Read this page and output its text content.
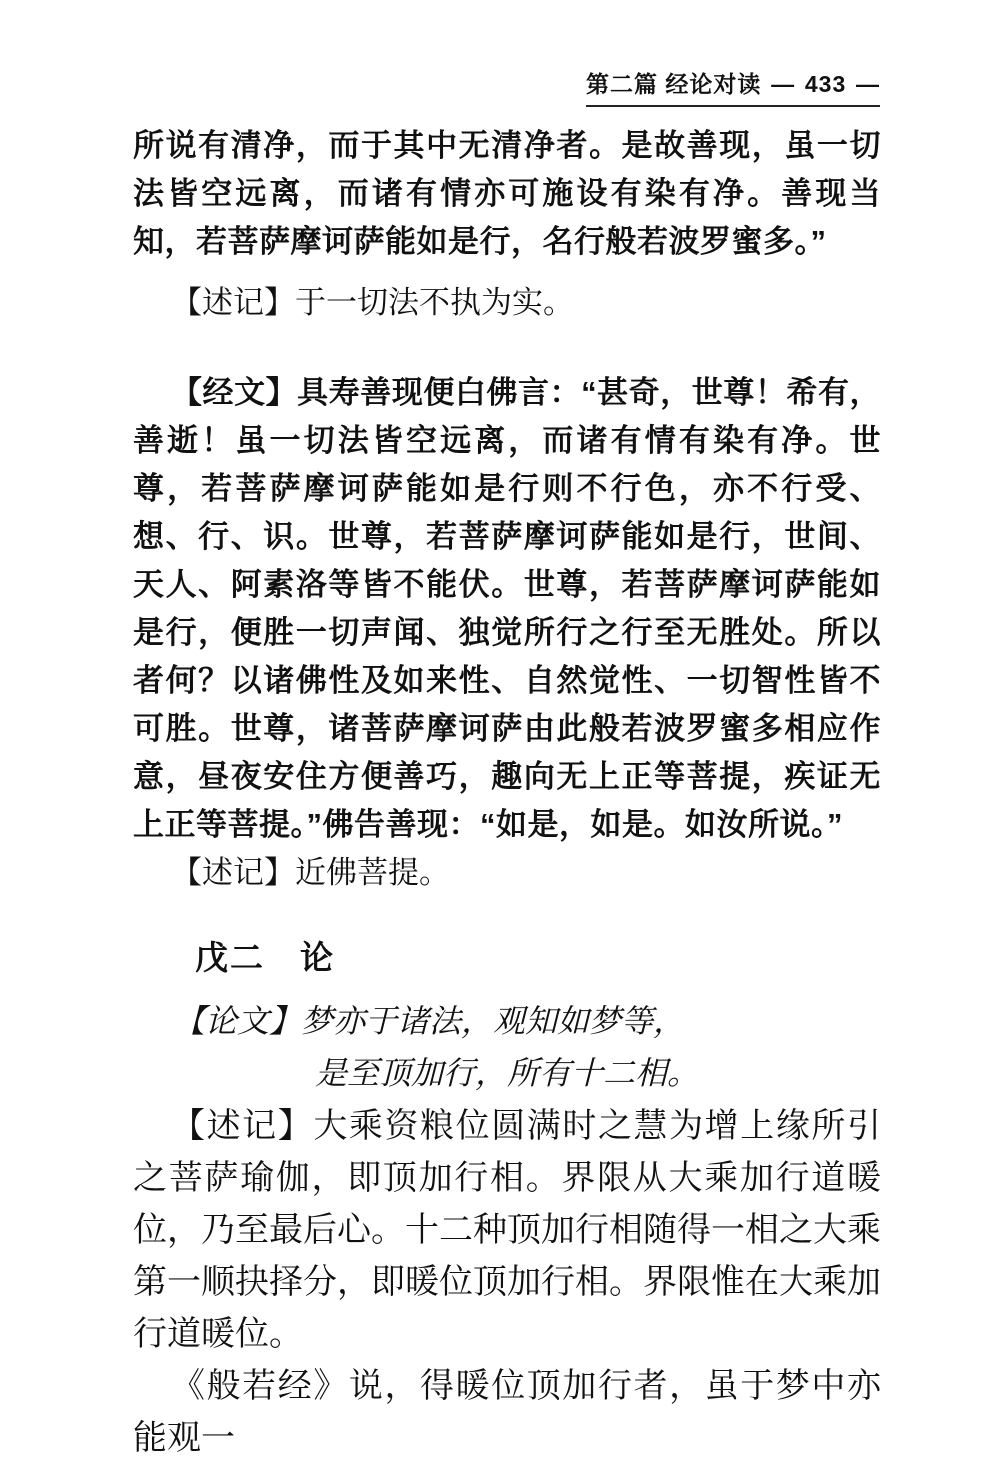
第二篇 经论对读 — 433 —

所说有清净，而于其中无清净者。是故善现，虽一切法皆空远离，而诸有情亦可施设有染有净。善现当知，若菩萨摩诃萨能如是行，名行般若波罗蜜多。”

【述记】于一切法不执为实。

【经文】具寿善现便白佛言：“甚奇，世尊！希有，善逝！虽一切法皆空远离，而诸有情有染有净。世尊，若菩萨摩诃萨能如是行则不行色，亦不行受、想、行、识。世尊，若菩萨摩诃萨能如是行，世间、天人、阿素洛等皆不能伏。世尊，若菩萨摩诃萨能如是行，便胜一切声闻、独觉所行之行至无胜处。所以者何？以诸佛性及如来性、自然觉性、一切智性皆不可胜。世尊，诸菩萨摩诃萨由此般若波罗蜜多相应作意，昼夜安住方便善巧，趣向无上正等菩提，疾证无上正等菩提。”佛告善现：“如是，如是。如汝所说。”

【述记】近佛菩提。

戊二　论
【论文】梦亦于诸法，观知如梦等，
是至顶加行，所有十二相。

【述记】大乘资粮位圆满时之慧为增上缘所引之菩萨瑜伽，即顶加行相。界限从大乘加行道暖位，乃至最后心。十二种顶加行相随得一相之大乘第一顺抉择分，即暖位顶加行相。界限惟在大乘加行道暖位。

《般若经》说，得暖位顶加行者，虽于梦中亦能观一
